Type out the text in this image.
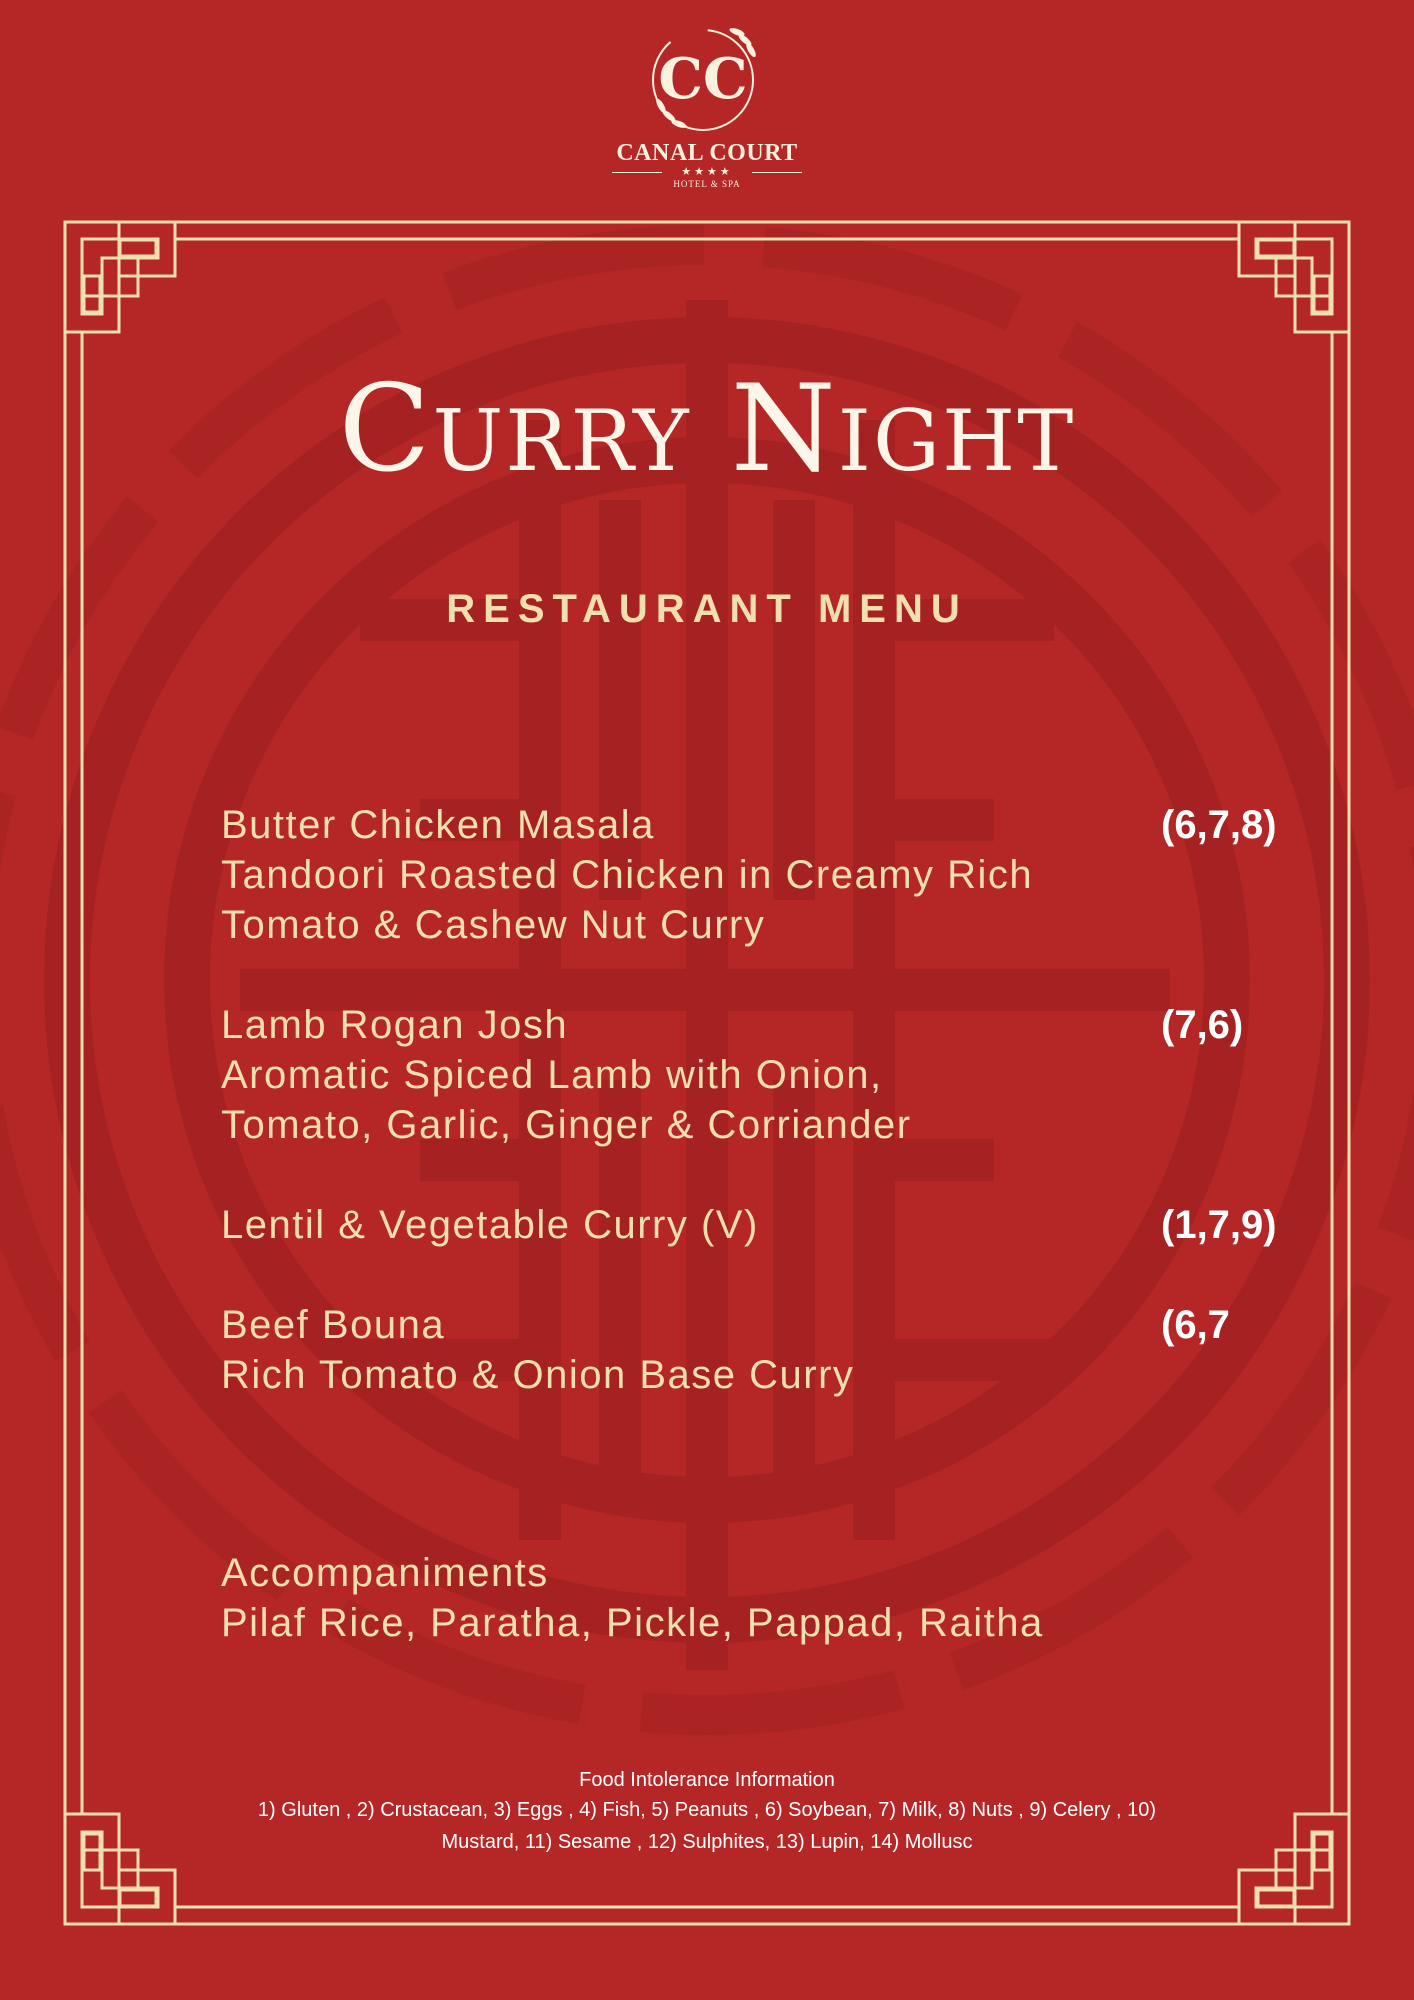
CC
CANAL COURT
★★★★
HOTEL & SPA
Curry Night
RESTAURANT MENU
Butter Chicken Masala
Tandoori Roasted Chicken in Creamy Rich
Tomato & Cashew Nut Curry
(6,7,8)
Lamb Rogan Josh
Aromatic Spiced Lamb with Onion,
Tomato, Garlic, Ginger & Corriander
(7,6)
Lentil & Vegetable Curry (V)	(1,7,9)
Beef Bouna
Rich Tomato & Onion Base Curry
(6,7
Accompaniments
Pilaf Rice, Paratha, Pickle, Pappad, Raitha
Food Intolerance Information
1) Gluten , 2) Crustacean, 3) Eggs , 4) Fish, 5) Peanuts , 6) Soybean, 7) Milk, 8) Nuts , 9) Celery , 10)
Mustard, 11) Sesame , 12) Sulphites, 13) Lupin, 14) Mollusc
